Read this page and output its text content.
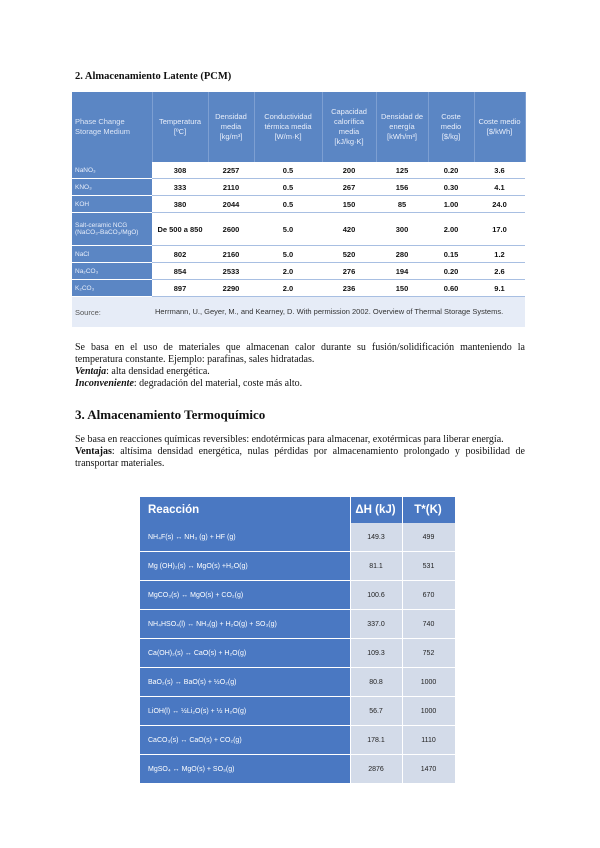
2. Almacenamiento Latente (PCM)
Phase Change Storage Medium	Temperatura [ºC]	Densidad media [kg/m³]	Conductividad térmica media [W/m·K]	Capacidad calorífica media [kJ/kg·K]	Densidad de energía [kWh/m³]	Coste medio [$/kg]	Coste medio [$/kWh]
NaNO₃	308	2257	0.5	200	125	0.20	3.6
KNO₃	333	2110	0.5	267	156	0.30	4.1
KOH	380	2044	0.5	150	85	1.00	24.0
Salt-ceramic NCG (NaCO₃-BaCO₃/MgO)	De 500 a 850	2600	5.0	420	300	2.00	17.0
NaCl	802	2160	5.0	520	280	0.15	1.2
Na₂CO₃	854	2533	2.0	276	194	0.20	2.6
K₂CO₃	897	2290	2.0	236	150	0.60	9.1
Source:	Herrmann, U., Geyer, M., and Kearney, D. With permission 2002. Overview of Thermal Storage Systems.						
Se basa en el uso de materiales que almacenan calor durante su fusión/solidificación manteniendo la temperatura constante. Ejemplo: parafinas, sales hidratadas.
Ventaja: alta densidad energética.
Inconveniente: degradación del material, coste más alto.
3. Almacenamiento Termoquímico
Se basa en reacciones químicas reversibles: endotérmicas para almacenar, exotérmicas para liberar energía.
Ventajas: altísima densidad energética, nulas pérdidas por almacenamiento prolongado y posibilidad de transportar materiales.
Reacción	ΔH (kJ)	T*(K)
NH₄F(s) ↔ NH₃ (g) + HF (g)	149.3	499
Mg (OH)₂(s) ↔ MgO(s) +H₂O(g)	81.1	531
MgCO₃(s) ↔ MgO(s) + CO₂(g)	100.6	670
NH₄HSO₄(l) ↔ NH₃(g) + H₂O(g) + SO₃(g)	337.0	740
Ca(OH)₂(s) ↔ CaO(s) + H₂O(g)	109.3	752
BaO₂(s) ↔ BaO(s) + ½O₂(g)	80.8	1000
LiOH(l) ↔ ½Li₂O(s) + ½ H₂O(g)	56.7	1000
CaCO₃(s) ↔ CaO(s) + CO₂(g)	178.1	1110
MgSO₄ ↔ MgO(s) + SO₃(g)	2876	1470
